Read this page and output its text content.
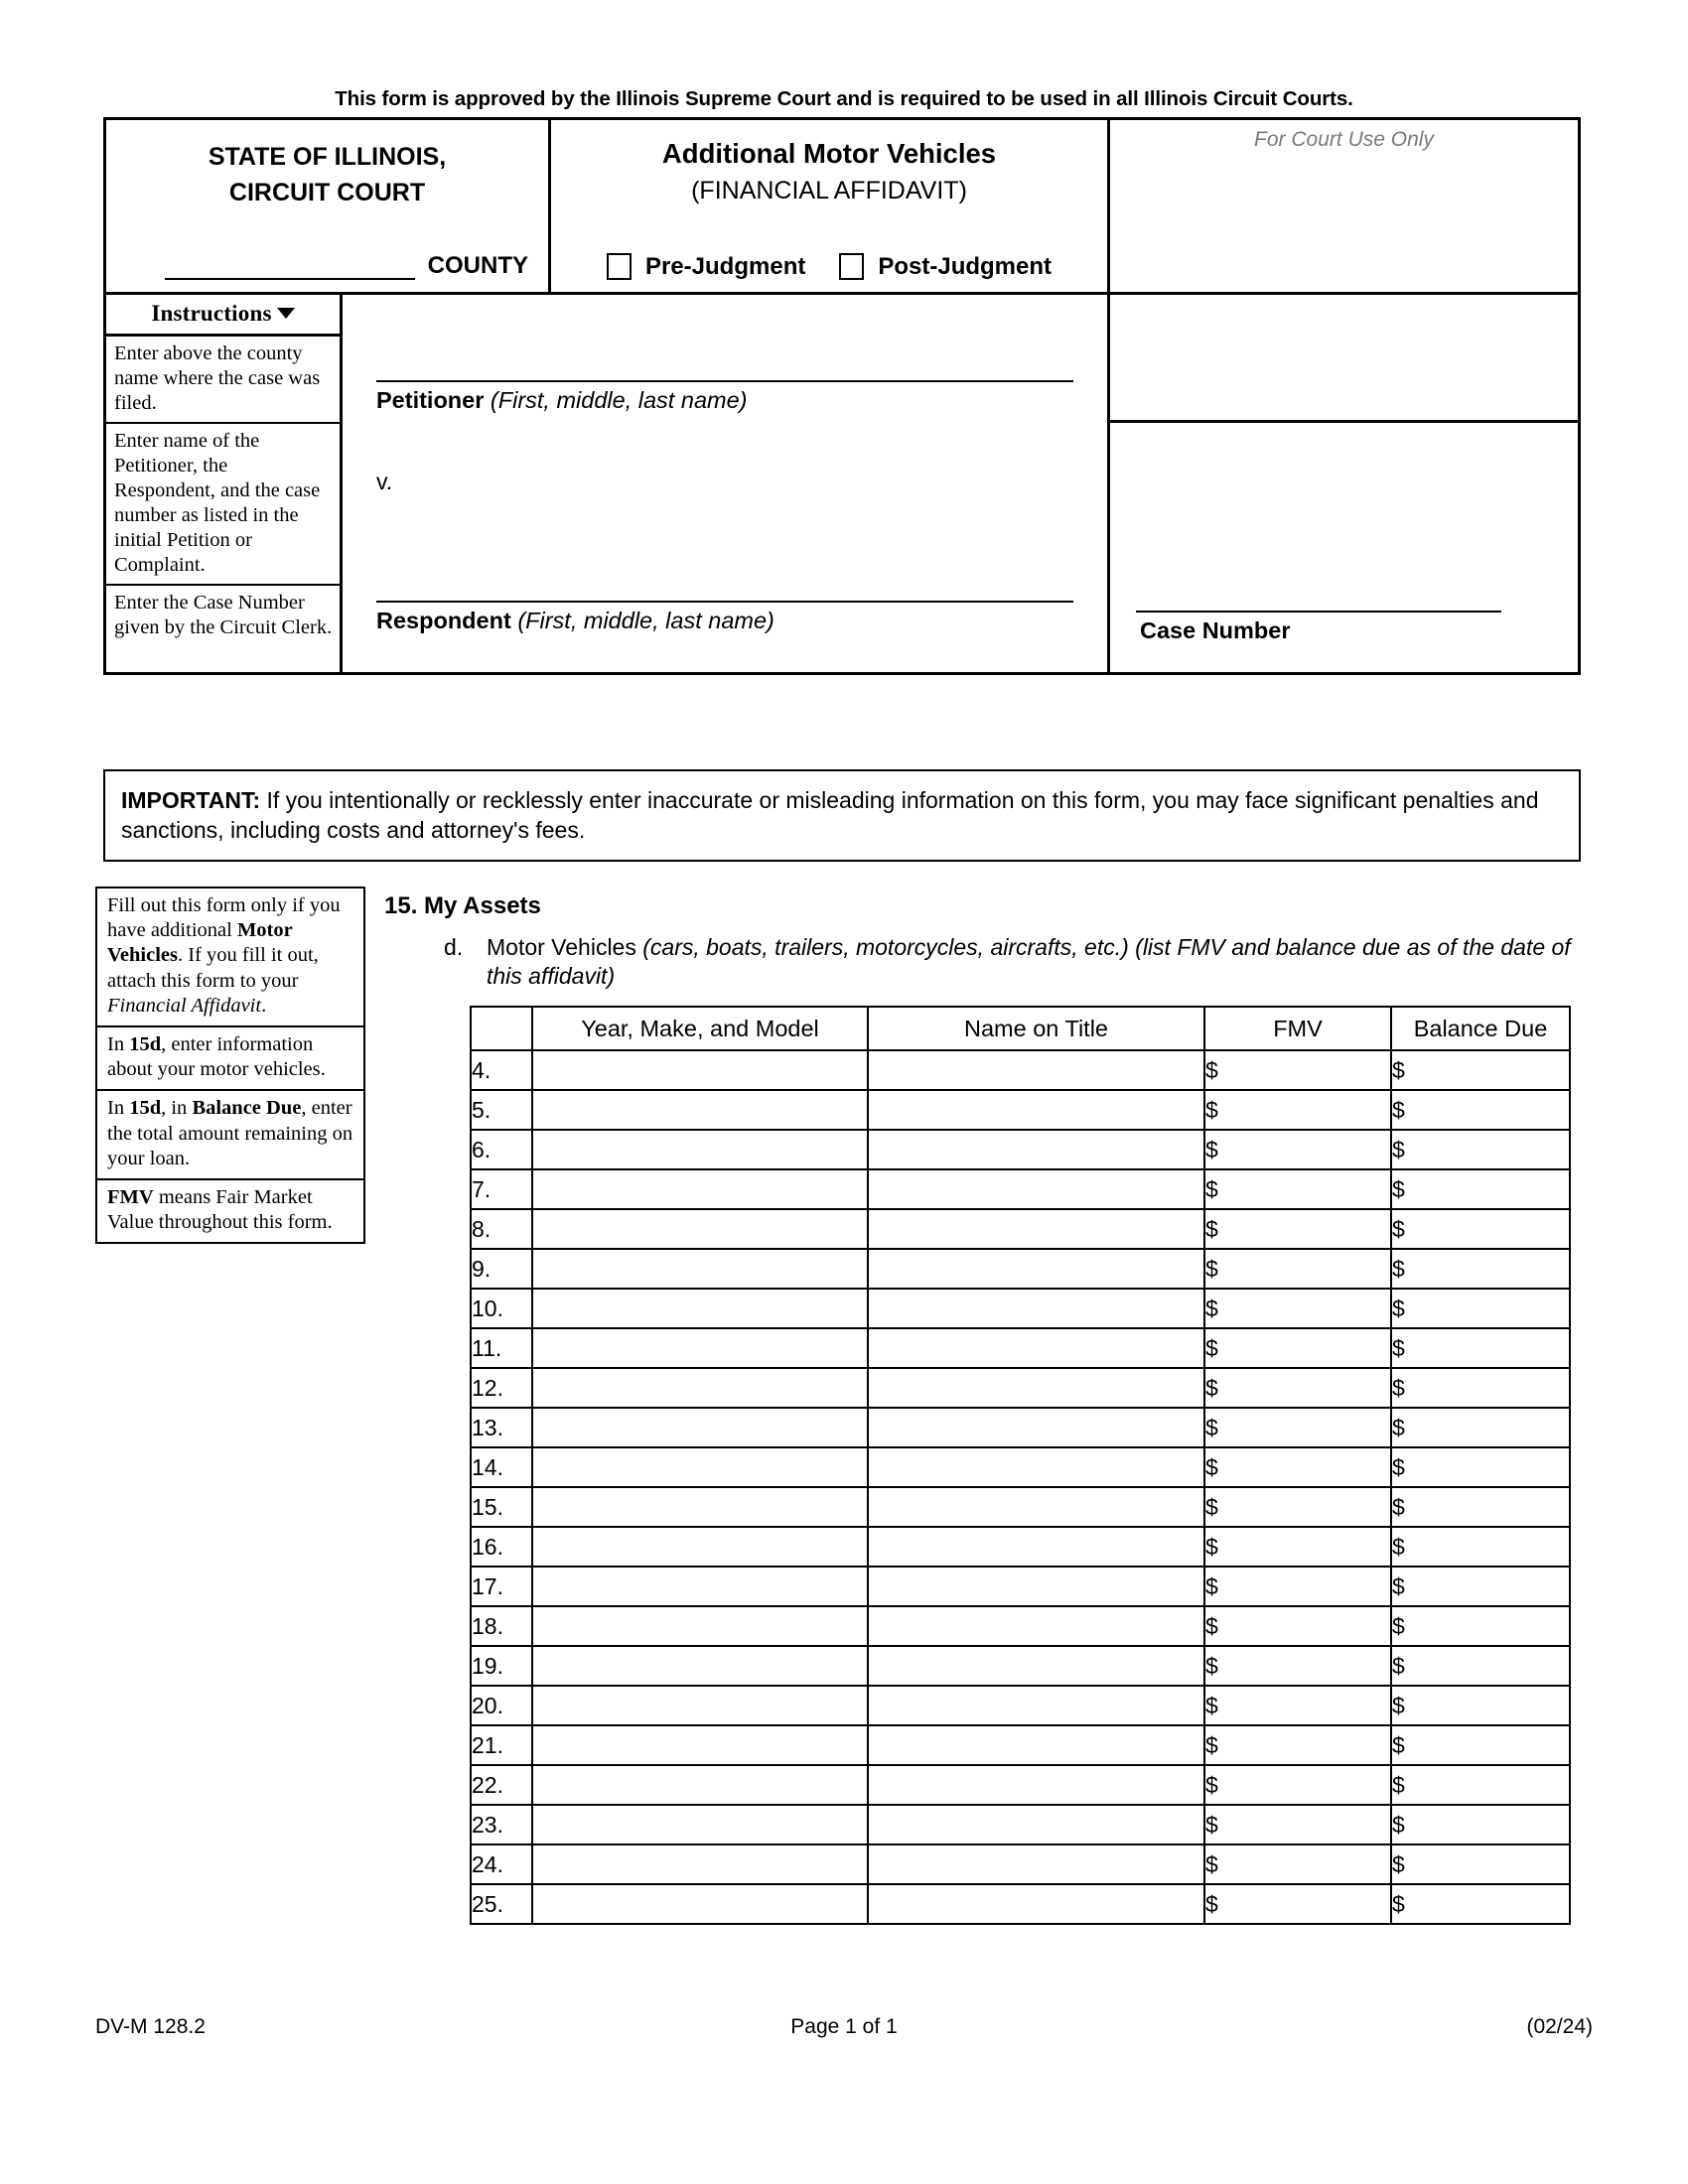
This form is approved by the Illinois Supreme Court and is required to be used in all Illinois Circuit Courts.
STATE OF ILLINOIS,
CIRCUIT COURT
COUNTY
Additional Motor Vehicles
(FINANCIAL AFFIDAVIT)
Pre-Judgment	Post-Judgment
For Court Use Only
Instructions
Enter above the county name where the case was filed.
Enter name of the Petitioner, the Respondent, and the case number as listed in the initial Petition or Complaint.
Enter the Case Number given by the Circuit Clerk.
Petitioner (First, middle, last name)
v.
Respondent (First, middle, last name)	Case Number
IMPORTANT: If you intentionally or recklessly enter inaccurate or misleading information on this form, you may face significant penalties and sanctions, including costs and attorney's fees.
Fill out this form only if you have additional Motor Vehicles. If you fill it out, attach this form to your Financial Affidavit.
In 15d, enter information about your motor vehicles.
In 15d, in Balance Due, enter the total amount remaining on your loan.
FMV means Fair Market Value throughout this form.
15. My Assets
d.	Motor Vehicles (cars, boats, trailers, motorcycles, aircrafts, etc.) (list FMV and balance due as of the date of this affidavit)
	Year, Make, and Model	Name on Title	FMV	Balance Due
4.			$	$
5.			$	$
6.			$	$
7.			$	$
8.			$	$
9.			$	$
10.			$	$
11.			$	$
12.			$	$
13.			$	$
14.			$	$
15.			$	$
16.			$	$
17.			$	$
18.			$	$
19.			$	$
20.			$	$
21.			$	$
22.			$	$
23.			$	$
24.			$	$
25.			$	$
DV-M 128.2	Page 1 of 1	(02/24)
